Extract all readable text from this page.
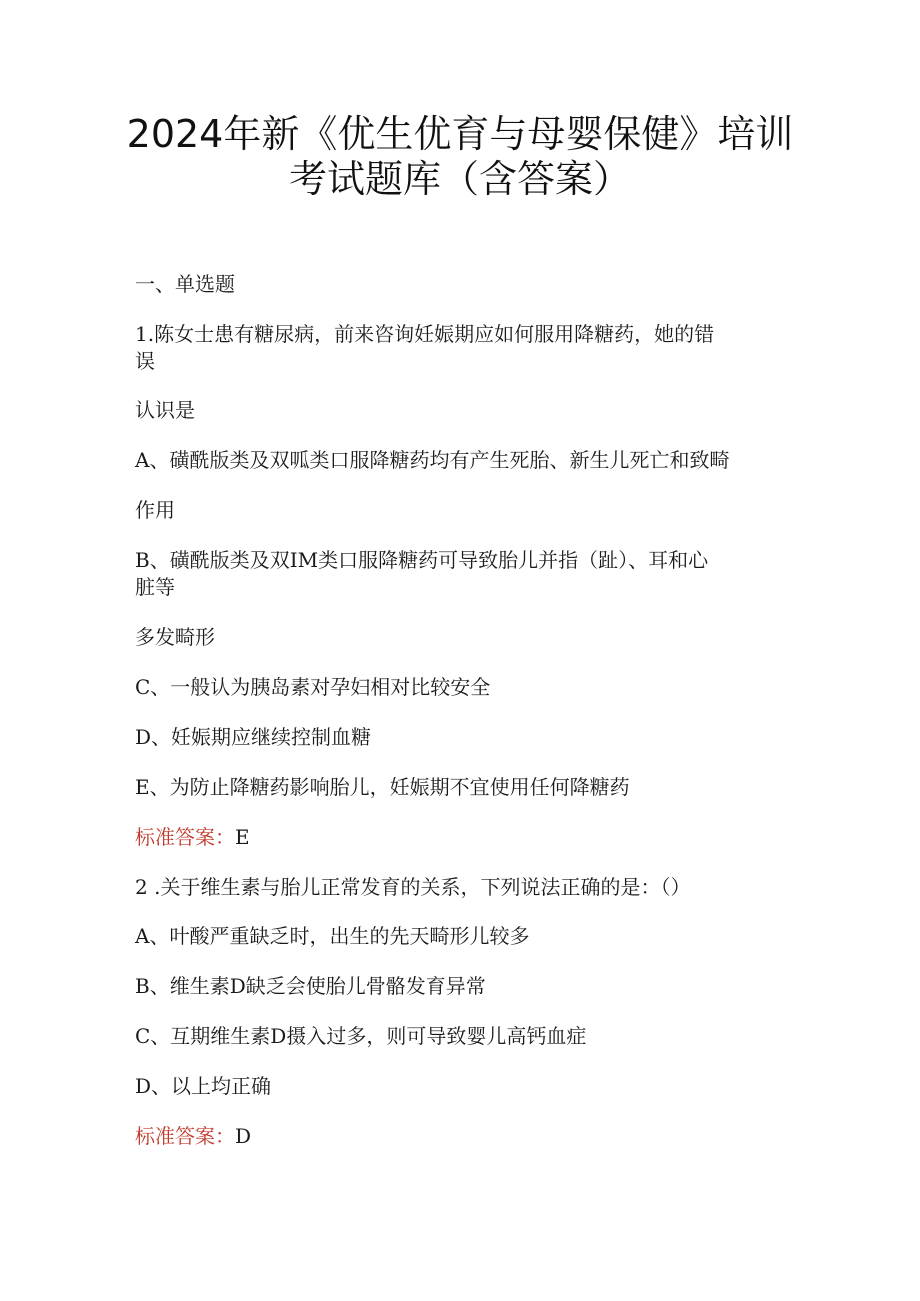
2024年新《优生优育与母婴保健》培训
考试题库（含答案）
一、单选题
1.陈女士患有糖尿病，前来咨询妊娠期应如何服用降糖药，她的错
误
认识是
A、磺酰版类及双呱类口服降糖药均有产生死胎、新生儿死亡和致畸
作用
B、磺酰版类及双IM类口服降糖药可导致胎儿并指（趾）、耳和心
脏等
多发畸形
C、一般认为胰岛素对孕妇相对比较安全
D、妊娠期应继续控制血糖
E、为防止降糖药影响胎儿，妊娠期不宜使用任何降糖药
标准答案：E
2 .关于维生素与胎儿正常发育的关系，下列说法正确的是：（）
A、叶酸严重缺乏时，出生的先天畸形儿较多
B、维生素D缺乏会使胎儿骨骼发育异常
C、互期维生素D摄入过多，则可导致婴儿高钙血症
D、以上均正确
标准答案：D
